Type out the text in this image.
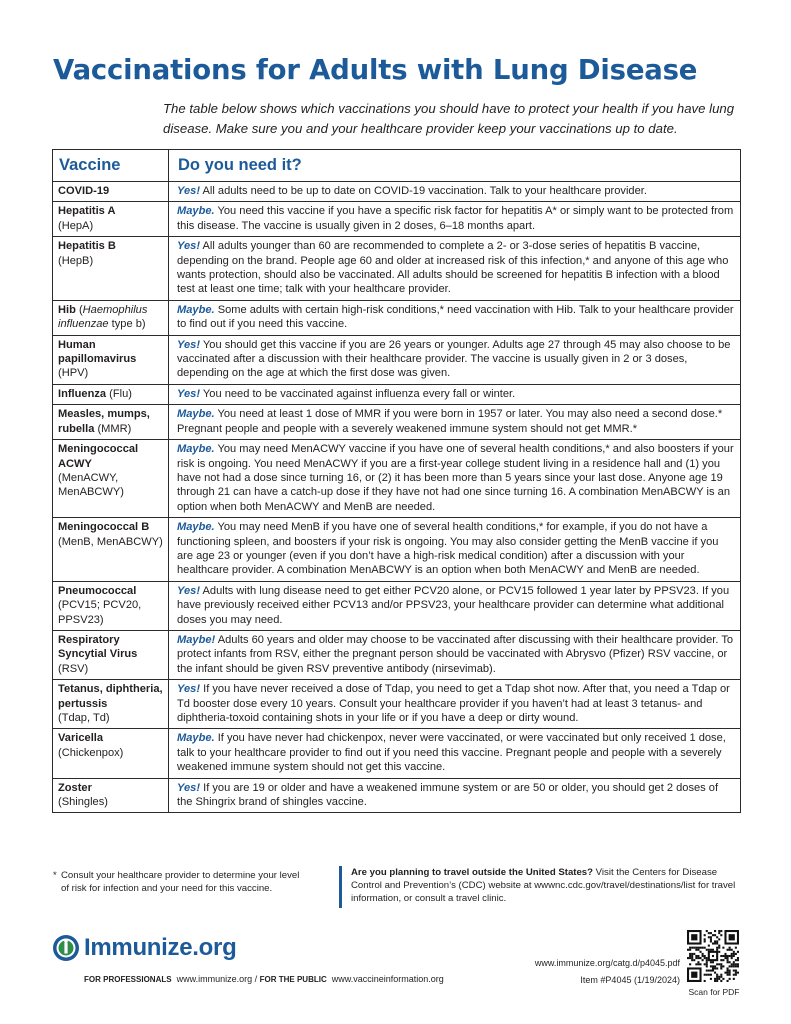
Vaccinations for Adults with Lung Disease
The table below shows which vaccinations you should have to protect your health if you have lung disease. Make sure you and your healthcare provider keep your vaccinations up to date.
Vaccine	Do you need it?
COVID-19	Yes! All adults need to be up to date on COVID-19 vaccination. Talk to your healthcare provider.
Hepatitis A
(HepA)	Maybe. You need this vaccine if you have a specific risk factor for hepatitis A* or simply want to be protected from this disease. The vaccine is usually given in 2 doses, 6–18 months apart.
Hepatitis B
(HepB)	Yes! All adults younger than 60 are recommended to complete a 2- or 3-dose series of hepatitis B vaccine, depending on the brand. People age 60 and older at increased risk of this infection,* and anyone of this age who wants protection, should also be vaccinated. All adults should be screened for hepatitis B infection with a blood test at least one time; talk with your healthcare provider.
Hib (Haemophilus influenzae type b)	Maybe. Some adults with certain high-risk conditions,* need vaccination with Hib. Talk to your healthcare provider to find out if you need this vaccine.
Human papillomavirus
(HPV)	Yes! You should get this vaccine if you are 26 years or younger. Adults age 27 through 45 may also choose to be vaccinated after a discussion with their healthcare provider. The vaccine is usually given in 2 or 3 doses, depending on the age at which the first dose was given.
Influenza (Flu)	Yes! You need to be vaccinated against influenza every fall or winter.
Measles, mumps, rubella (MMR)	Maybe. You need at least 1 dose of MMR if you were born in 1957 or later. You may also need a second dose.* Pregnant people and people with a severely weakened immune system should not get MMR.*
Meningococcal ACWY
(MenACWY, MenABCWY)	Maybe. You may need MenACWY vaccine if you have one of several health conditions,* and also boosters if your risk is ongoing. You need MenACWY if you are a first-year college student living in a residence hall and (1) you have not had a dose since turning 16, or (2) it has been more than 5 years since your last dose. Anyone age 19 through 21 can have a catch-up dose if they have not had one since turning 16. A combination MenABCWY is an option when both MenACWY and MenB are needed.
Meningococcal B
(MenB, MenABCWY)	Maybe. You may need MenB if you have one of several health conditions,* for example, if you do not have a functioning spleen, and boosters if your risk is ongoing. You may also consider getting the MenB vaccine if you are age 23 or younger (even if you don’t have a high-risk medical condition) after a discussion with your healthcare provider. A combination MenABCWY is an option when both MenACWY and MenB are needed.
Pneumococcal
(PCV15; PCV20, PPSV23)	Yes! Adults with lung disease need to get either PCV20 alone, or PCV15 followed 1 year later by PPSV23. If you have previously received either PCV13 and/or PPSV23, your healthcare provider can determine what additional doses you may need.
Respiratory Syncytial Virus
(RSV)	Maybe! Adults 60 years and older may choose to be vaccinated after discussing with their healthcare provider. To protect infants from RSV, either the pregnant person should be vaccinated with Abrysvo (Pfizer) RSV vaccine, or the infant should be given RSV preventive antibody (nirsevimab).
Tetanus, diphtheria, pertussis
(Tdap, Td)	Yes! If you have never received a dose of Tdap, you need to get a Tdap shot now. After that, you need a Tdap or Td booster dose every 10 years. Consult your healthcare provider if you haven’t had at least 3 tetanus- and diphtheria-toxoid containing shots in your life or if you have a deep or dirty wound.
Varicella
(Chickenpox)	Maybe. If you have never had chickenpox, never were vaccinated, or were vaccinated but only received 1 dose, talk to your healthcare provider to find out if you need this vaccine. Pregnant people and people with a severely weakened immune system should not get this vaccine.
Zoster
(Shingles)	Yes! If you are 19 or older and have a weakened immune system or are 50 or older, you should get 2 doses of the Shingrix brand of shingles vaccine.
* Consult your healthcare provider to determine your level
of risk for infection and your need for this vaccine.
Are you planning to travel outside the United States? Visit the Centers for Disease Control and Prevention’s (CDC) website at wwwnc.cdc.gov/travel/destinations/list for travel information, or consult a travel clinic.
Immunize.org
FOR PROFESSIONALS www.immunize.org / FOR THE PUBLIC www.vaccineinformation.org
www.immunize.org/catg.d/p4045.pdf
Item #P4045 (1/19/2024)
Scan for PDF
